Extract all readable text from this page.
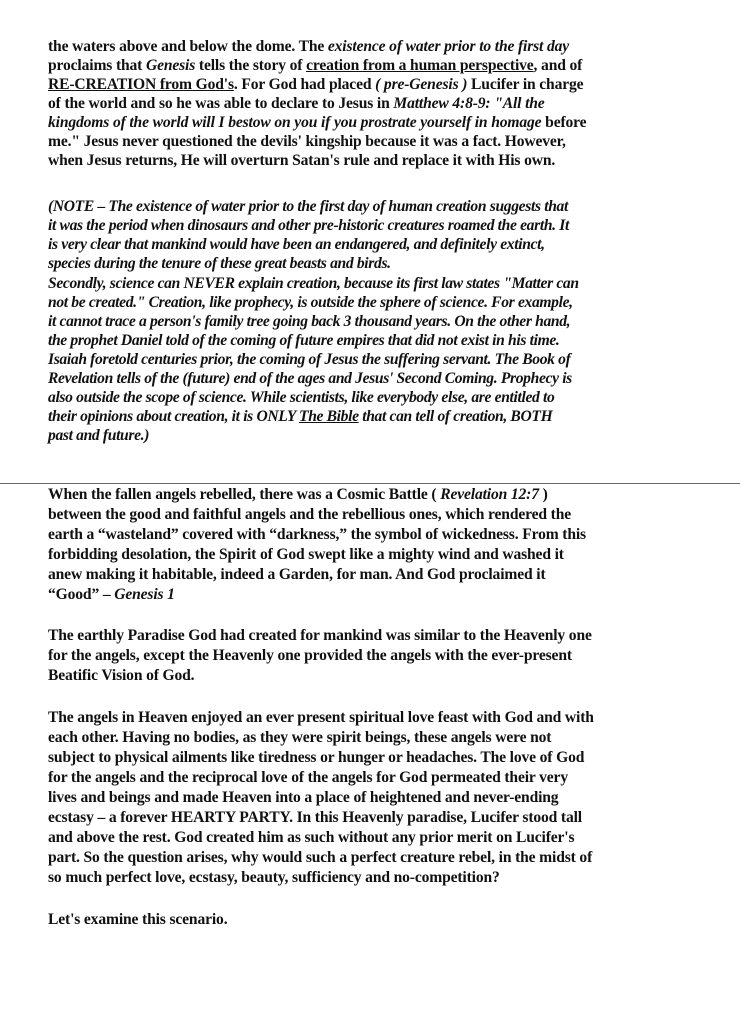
the waters above and below the dome. The existence of water prior to the first day
proclaims that Genesis tells the story of creation from a human perspective, and of
RE-CREATION from God's. For God had placed ( pre-Genesis ) Lucifer in charge
of the world and so he was able to declare to Jesus in Matthew 4:8-9: "All the
kingdoms of the world will I bestow on you if you prostrate yourself in homage before
me." Jesus never questioned the devils' kingship because it was a fact. However,
when Jesus returns, He will overturn Satan's rule and replace it with His own.
(NOTE – The existence of water prior to the first day of human creation suggests that
it was the period when dinosaurs and other pre-historic creatures roamed the earth. It
is very clear that mankind would have been an endangered, and definitely extinct,
species during the tenure of these great beasts and birds.
Secondly, science can NEVER explain creation, because its first law states "Matter can
not be created." Creation, like prophecy, is outside the sphere of science. For example,
it cannot trace a person's family tree going back 3 thousand years. On the other hand,
the prophet Daniel told of the coming of future empires that did not exist in his time.
Isaiah foretold centuries prior, the coming of Jesus the suffering servant. The Book of
Revelation tells of the (future) end of the ages and Jesus' Second Coming. Prophecy is
also outside the scope of science. While scientists, like everybody else, are entitled to
their opinions about creation, it is ONLY The Bible that can tell of creation, BOTH
past and future.)
When the fallen angels rebelled, there was a Cosmic Battle ( Revelation 12:7 )
between the good and faithful angels and the rebellious ones, which rendered the
earth a “wasteland” covered with “darkness,” the symbol of wickedness. From this
forbidding desolation, the Spirit of God swept like a mighty wind and washed it
anew making it habitable, indeed a Garden, for man. And God proclaimed it
“Good” – Genesis 1
The earthly Paradise God had created for mankind was similar to the Heavenly one
for the angels, except the Heavenly one provided the angels with the ever-present
Beatific Vision of God.
The angels in Heaven enjoyed an ever present spiritual love feast with God and with
each other. Having no bodies, as they were spirit beings, these angels were not
subject to physical ailments like tiredness or hunger or headaches. The love of God
for the angels and the reciprocal love of the angels for God permeated their very
lives and beings and made Heaven into a place of heightened and never-ending
ecstasy – a forever HEARTY PARTY. In this Heavenly paradise, Lucifer stood tall
and above the rest. God created him as such without any prior merit on Lucifer's
part. So the question arises, why would such a perfect creature rebel, in the midst of
so much perfect love, ecstasy, beauty, sufficiency and no-competition?
Let's examine this scenario.
